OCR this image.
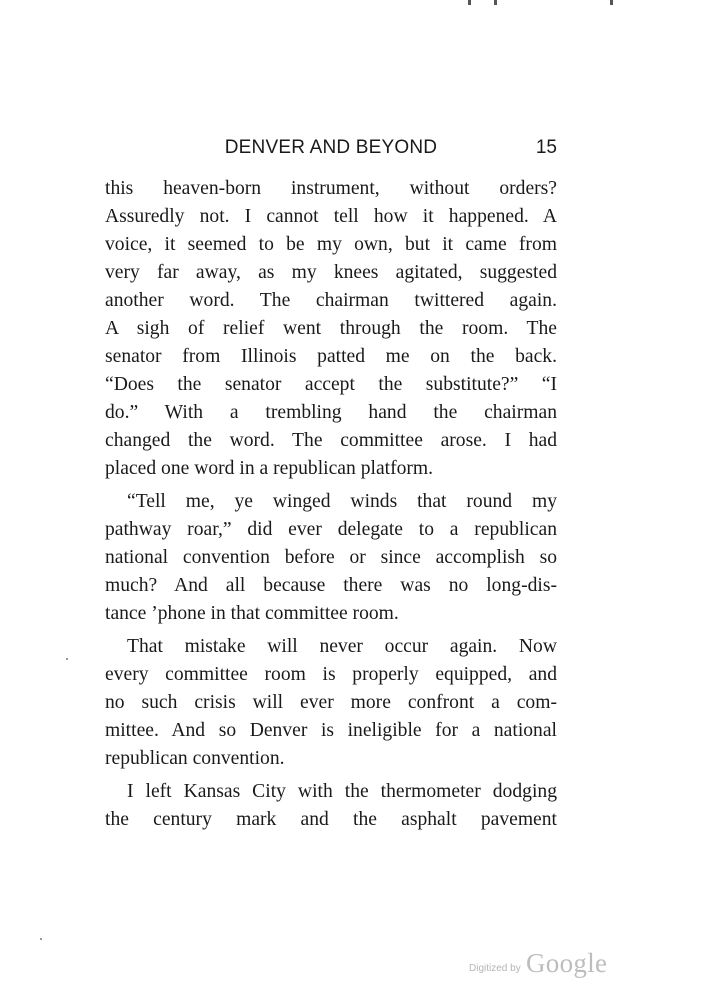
DENVER AND BEYOND	15
this heaven-born instrument, without orders?
Assuredly not. I cannot tell how it happened. A
voice, it seemed to be my own, but it came from
very far away, as my knees agitated, suggested
another word. The chairman twittered again.
A sigh of relief went through the room. The
senator from Illinois patted me on the back.
“Does the senator accept the substitute?” “I
do.” With a trembling hand the chairman
changed the word. The committee arose. I had
placed one word in a republican platform.
“Tell me, ye winged winds that round my
pathway roar,” did ever delegate to a republican
national convention before or since accomplish so
much? And all because there was no long-dis-
tance ’phone in that committee room.
That mistake will never occur again. Now
every committee room is properly equipped, and
no such crisis will ever more confront a com-
mittee. And so Denver is ineligible for a national
republican convention.
I left Kansas City with the thermometer dodging
the century mark and the asphalt pavement
Digitized by Google
